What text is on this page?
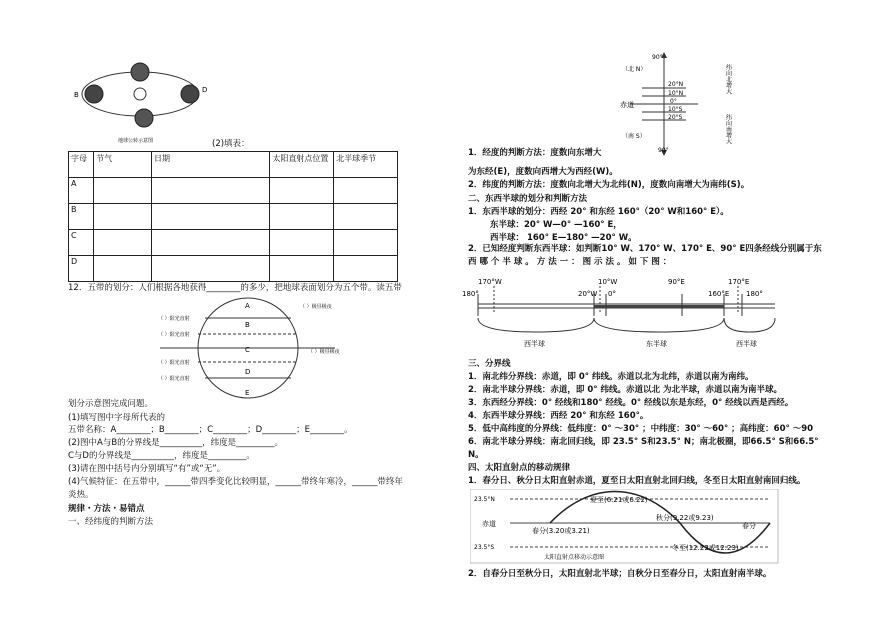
B
D
地球公转示意图	(2)填表：
字母	节气	日期	太阳直射点位置	北半球季节
A				
B				
C				
D				
12．五带的划分：人们根据各地获得________的多少，把地球表面划分为五个带。读五带
A
B
C
D
E
（ ）阳光直射
（ ）阳光直射
（ ）阳光直射
（ ）阳光直射
（ ）极昼极夜
（ ）极昼极夜
划分示意图完成问题。
(1)填写图中字母所代表的
五带名称：A________；B________；C________；D________；E________。
(2)图中A与B的分界线是__________，纬度是_________。
C与D的分界线是__________，纬度是_________。
(3)请在图中括号内分别填写“有”或“无”。
(4)气候特征：在五带中，______带四季变化比较明显，______带终年寒冷，______带终年
炎热。
规律・方法・易错点
一、经纬度的判断方法
90°
90°
（北 N）
（南 S）
赤道
20°N
10°N
0°
10°S
20°S
纬向北增大
纬向南增大
1．经度的判断方法：度数向东增大
为东经(E)，度数向西增大为西经(W)。
2．纬度的判断方法：度数向北增大为北纬(N)，度数向南增大为南纬(S)。
二、东西半球的划分和判断方法
1．东西半球的划分：西经 20° 和东经 160°（20° W和160° E）。
东半球：20° W—0° —160° E，
西半球： 160° E—180° —20° W。
2．已知经度判断东西半球：如判断10° W、170° W、170° E、90° E四条经线分别属于东
西 哪 个 半 球 。 方 法 一 ： 图 示 法 。 如 下 图 ：
170°W	10°W	90°E	170°E
180°	20°W 0°	160°E 180°
西半球	东半球	西半球
三、分界线
1．南北纬分界线：赤道，即 0° 纬线。赤道以北为北纬，赤道以南为南纬。
2．南北半球分界线：赤道，即 0° 纬线。赤道以北 为北半球，赤道以南为南半球。
3．东西经分界线：0° 经线和180° 经线。0° 经线以东是东经，0° 经线以西是西经。
4．东西半球分界线：西经 20° 和东经 160°。
5．低中高纬度的分界线：低纬度：0° ～30° ；中纬度：30° ～60° ；高纬度：60° ～90
6．南北半球分界线：南北回归线，即 23.5° S和23.5° N；南北极圈，即66.5° S和66.5°
N。
四、太阳直射点的移动规律
1．春分日、秋分日太阳直射赤道，夏至日太阳直射北回归线，冬至日太阳直射南回归线。
23.5°N
赤道
23.5°S
夏至(6.21或6.22)
秋分(9.22或9.23)
春分(3.20或3.21)
春分
冬至(12.22或12.23)
太阳直射点移动示意图
2．自春分日至秋分日，太阳直射北半球；自秋分日至春分日，太阳直射南半球。
